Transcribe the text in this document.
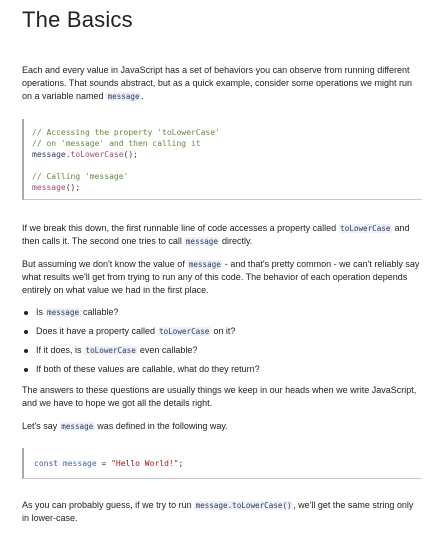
The Basics

Each and every value in JavaScript has a set of behaviors you can observe from running different operations. That sounds abstract, but as a quick example, consider some operations we might run on a variable named message .

// Accessing the property 'toLowerCase'
// on 'message' and then calling it
message.toLowerCase();
// Calling 'message'
message();

If we break this down, the first runnable line of code accesses a property called toLowerCase and then calls it. The second one tries to call message directly.

But assuming we don't know the value of message - and that's pretty common - we can't reliably say what results we'll get from trying to run any of this code. The behavior of each operation depends entirely on what value we had in the first place.

Is message callable?
Does it have a property called toLowerCase on it?
If it does, is toLowerCase even callable?
If both of these values are callable, what do they return?

The answers to these questions are usually things we keep in our heads when we write JavaScript, and we have to hope we got all the details right.

Let's say message was defined in the following way.

const message = "Hello World!";

As you can probably guess, if we try to run message.toLowerCase() , we'll get the same string only in lower-case.
